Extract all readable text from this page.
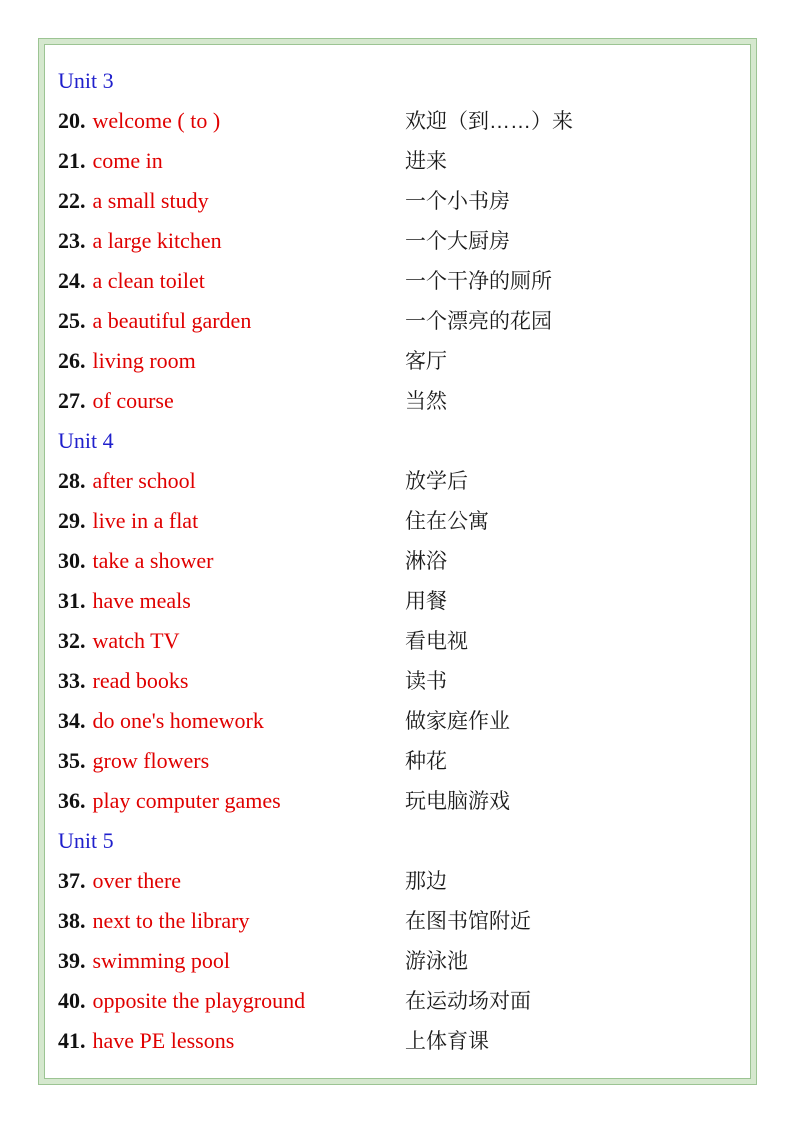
Unit 3
20. welcome ( to )	欢迎（到……）来
21. come in	进来
22. a small study	一个小书房
23. a large kitchen	一个大厨房
24. a clean toilet	一个干净的厕所
25. a beautiful garden	一个漂亮的花园
26. living room	客厅
27. of course	当然
Unit 4
28. after school	放学后
29. live in a flat	住在公寓
30. take a shower	淋浴
31. have meals	用餐
32. watch TV	看电视
33. read books	读书
34. do one's homework	做家庭作业
35. grow flowers	种花
36. play computer games	玩电脑游戏
Unit 5
37. over there	那边
38. next to the library	在图书馆附近
39. swimming pool	游泳池
40. opposite the playground	在运动场对面
41. have PE lessons	上体育课
